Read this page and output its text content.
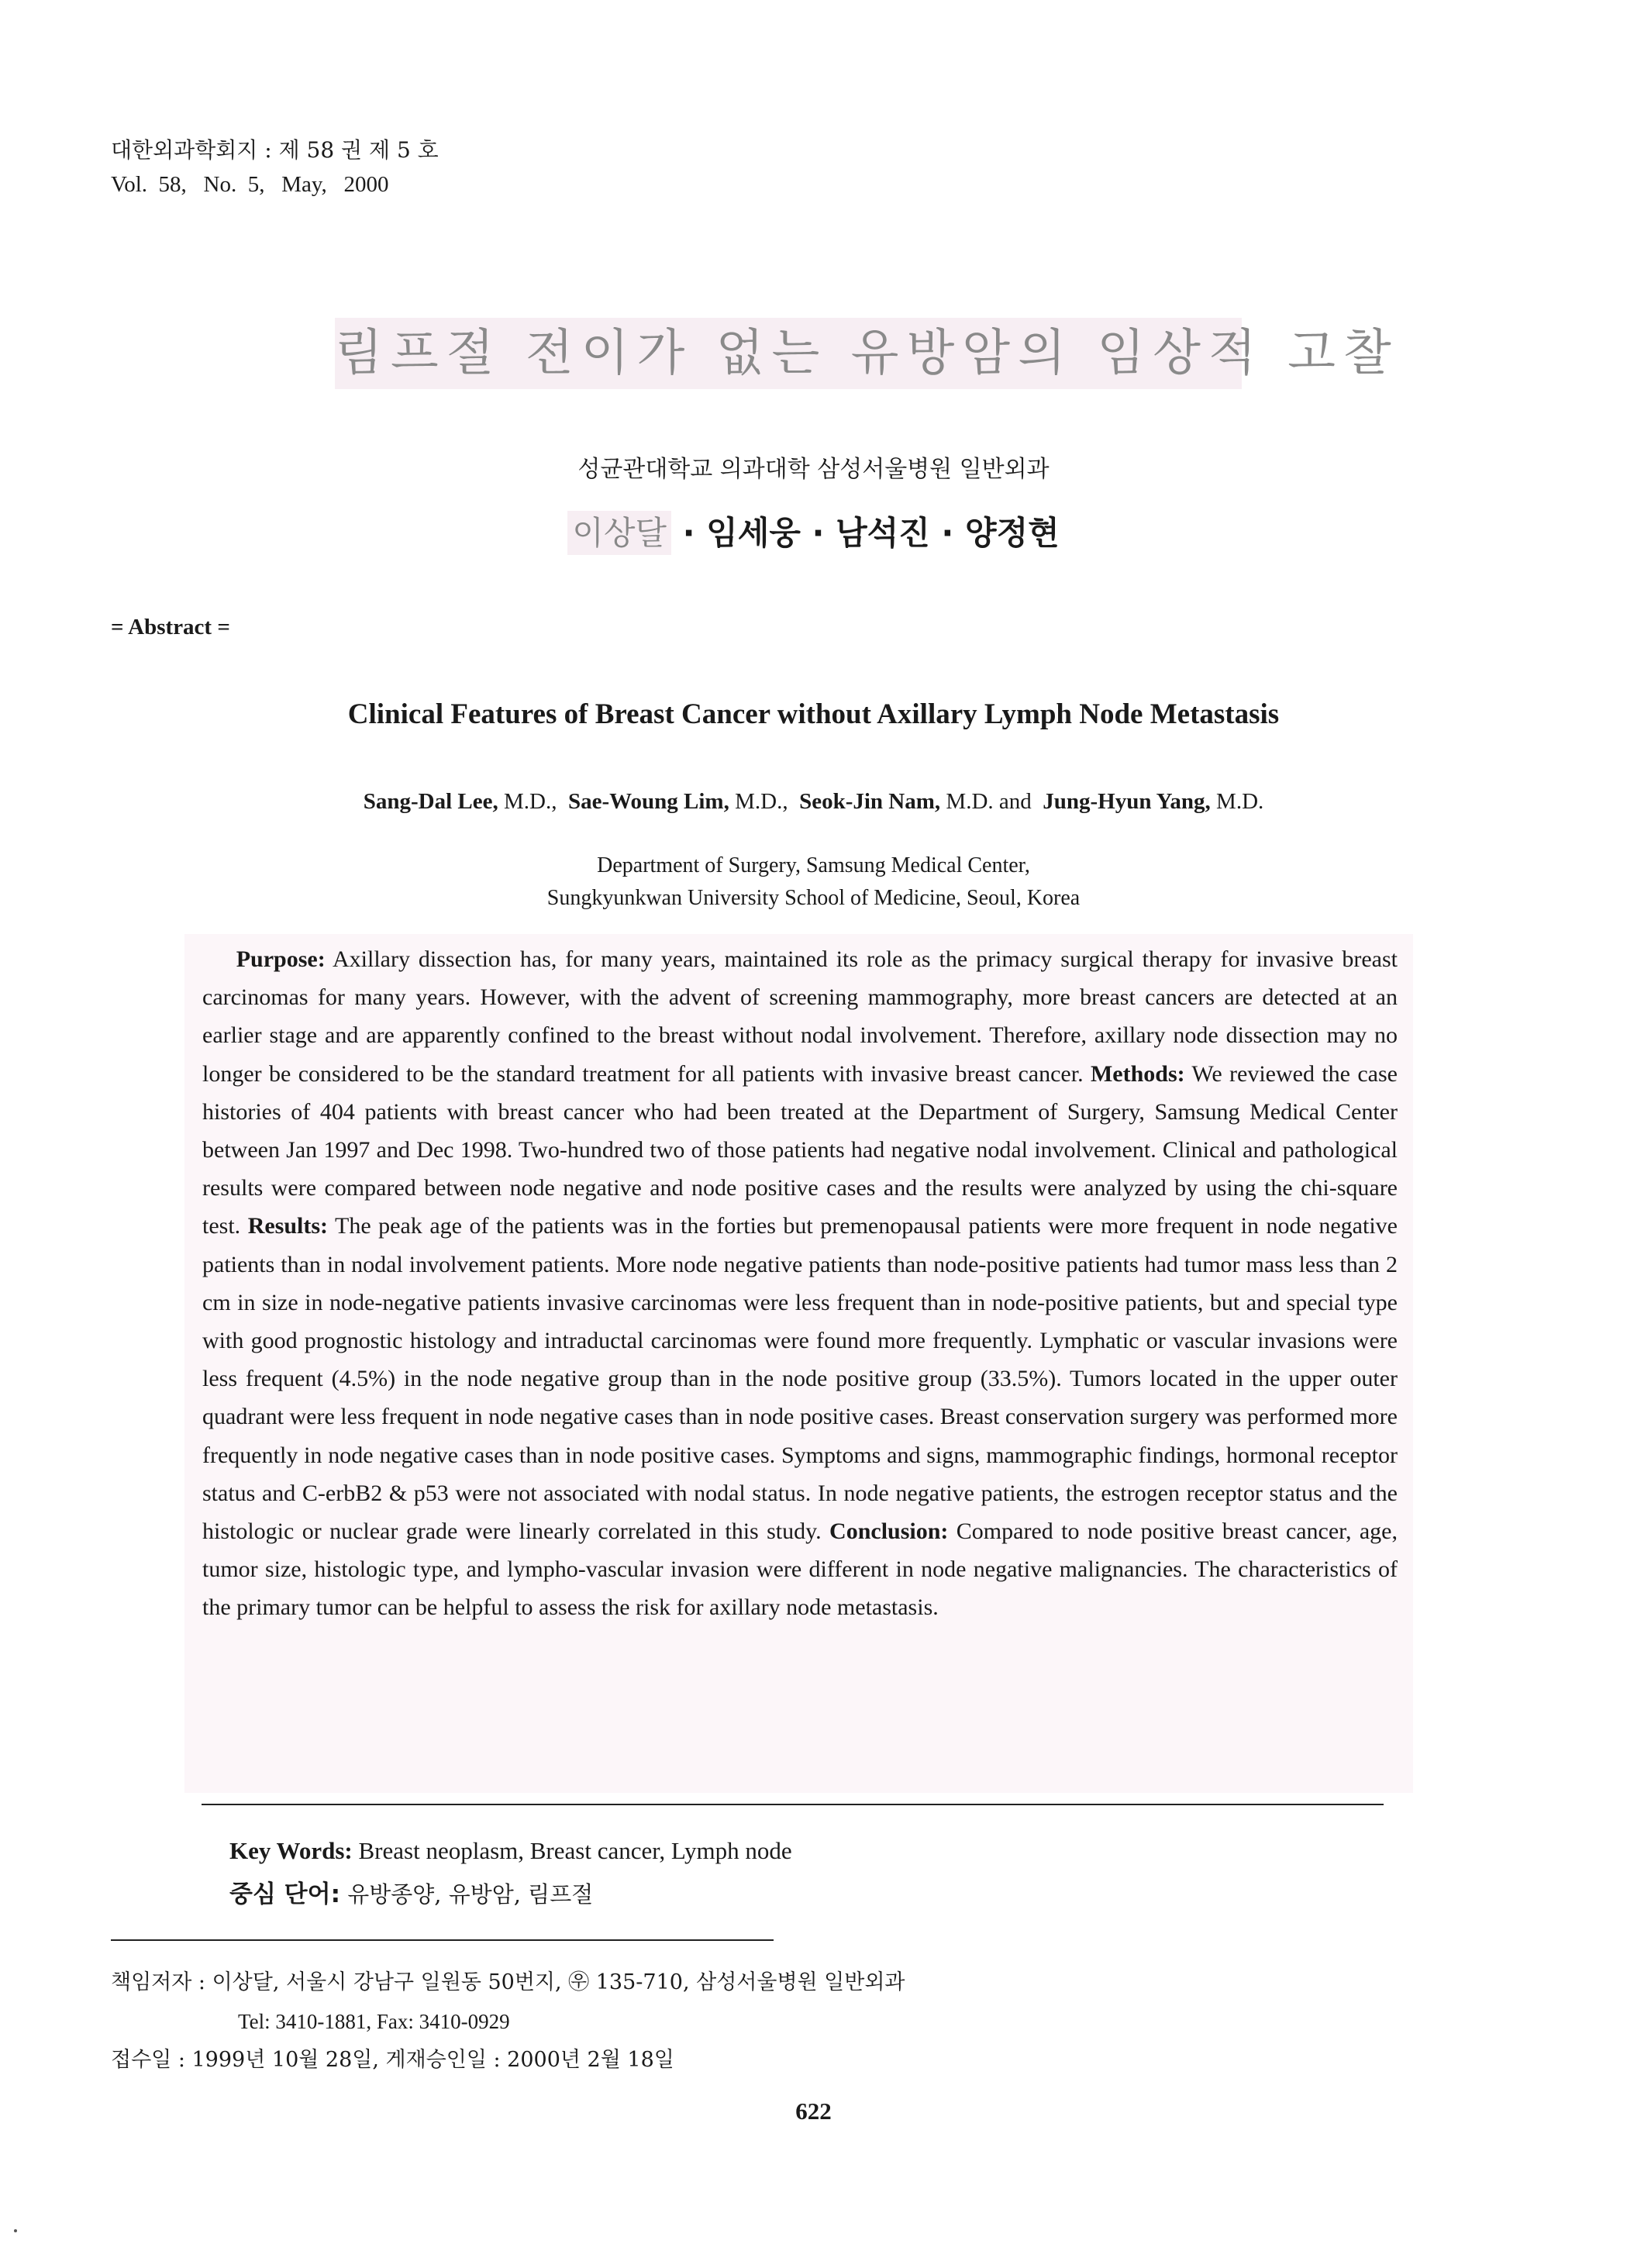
대한외과학회지 : 제 58 권 제 5 호
Vol.  58,   No.  5,   May,   2000
림프절 전이가 없는 유방암의 임상적 고찰
성균관대학교 의과대학 삼성서울병원 일반외과
이상달 · 임세웅 · 남석진 · 양정현
= Abstract =
Clinical Features of Breast Cancer without Axillary Lymph Node Metastasis
Sang-Dal Lee, M.D., Sae-Woung Lim, M.D., Seok-Jin Nam, M.D. and Jung-Hyun Yang, M.D.
Department of Surgery, Samsung Medical Center,
Sungkyunkwan University School of Medicine, Seoul, Korea
Purpose: Axillary dissection has, for many years, maintained its role as the primacy surgical therapy for invasive breast carcinomas for many years. However, with the advent of screening mammography, more breast cancers are detected at an earlier stage and are apparently confined to the breast without nodal involvement. Therefore, axillary node dissection may no longer be considered to be the standard treatment for all patients with invasive breast cancer. Methods: We reviewed the case histories of 404 patients with breast cancer who had been treated at the Department of Surgery, Samsung Medical Center between Jan 1997 and Dec 1998. Two-hundred two of those patients had negative nodal involvement. Clinical and pathological results were compared between node negative and node positive cases and the results were analyzed by using the chi-square test. Results: The peak age of the patients was in the forties but premenopausal patients were more frequent in node negative patients than in nodal involvement patients. More node negative patients than node-positive patients had tumor mass less than 2 cm in size in node-negative patients invasive carcinomas were less frequent than in node-positive patients, but and special type with good prognostic histology and intraductal carcinomas were found more frequently. Lymphatic or vascular invasions were less frequent (4.5%) in the node negative group than in the node positive group (33.5%). Tumors located in the upper outer quadrant were less frequent in node negative cases than in node positive cases. Breast conservation surgery was performed more frequently in node negative cases than in node positive cases. Symptoms and signs, mammographic findings, hormonal receptor status and C-erbB2 & p53 were not associated with nodal status. In node negative patients, the estrogen receptor status and the histologic or nuclear grade were linearly correlated in this study. Conclusion: Compared to node positive breast cancer, age, tumor size, histologic type, and lympho-vascular invasion were different in node negative malignancies. The characteristics of the primary tumor can be helpful to assess the risk for axillary node metastasis.
Key Words: Breast neoplasm, Breast cancer, Lymph node
중심 단어: 유방종양, 유방암, 림프절
책임저자 : 이상달, 서울시 강남구 일원동 50번지, ㉾ 135-710, 삼성서울병원 일반외과
Tel: 3410-1881, Fax: 3410-0929
접수일 : 1999년 10월 28일, 게재승인일 : 2000년 2월 18일
622
